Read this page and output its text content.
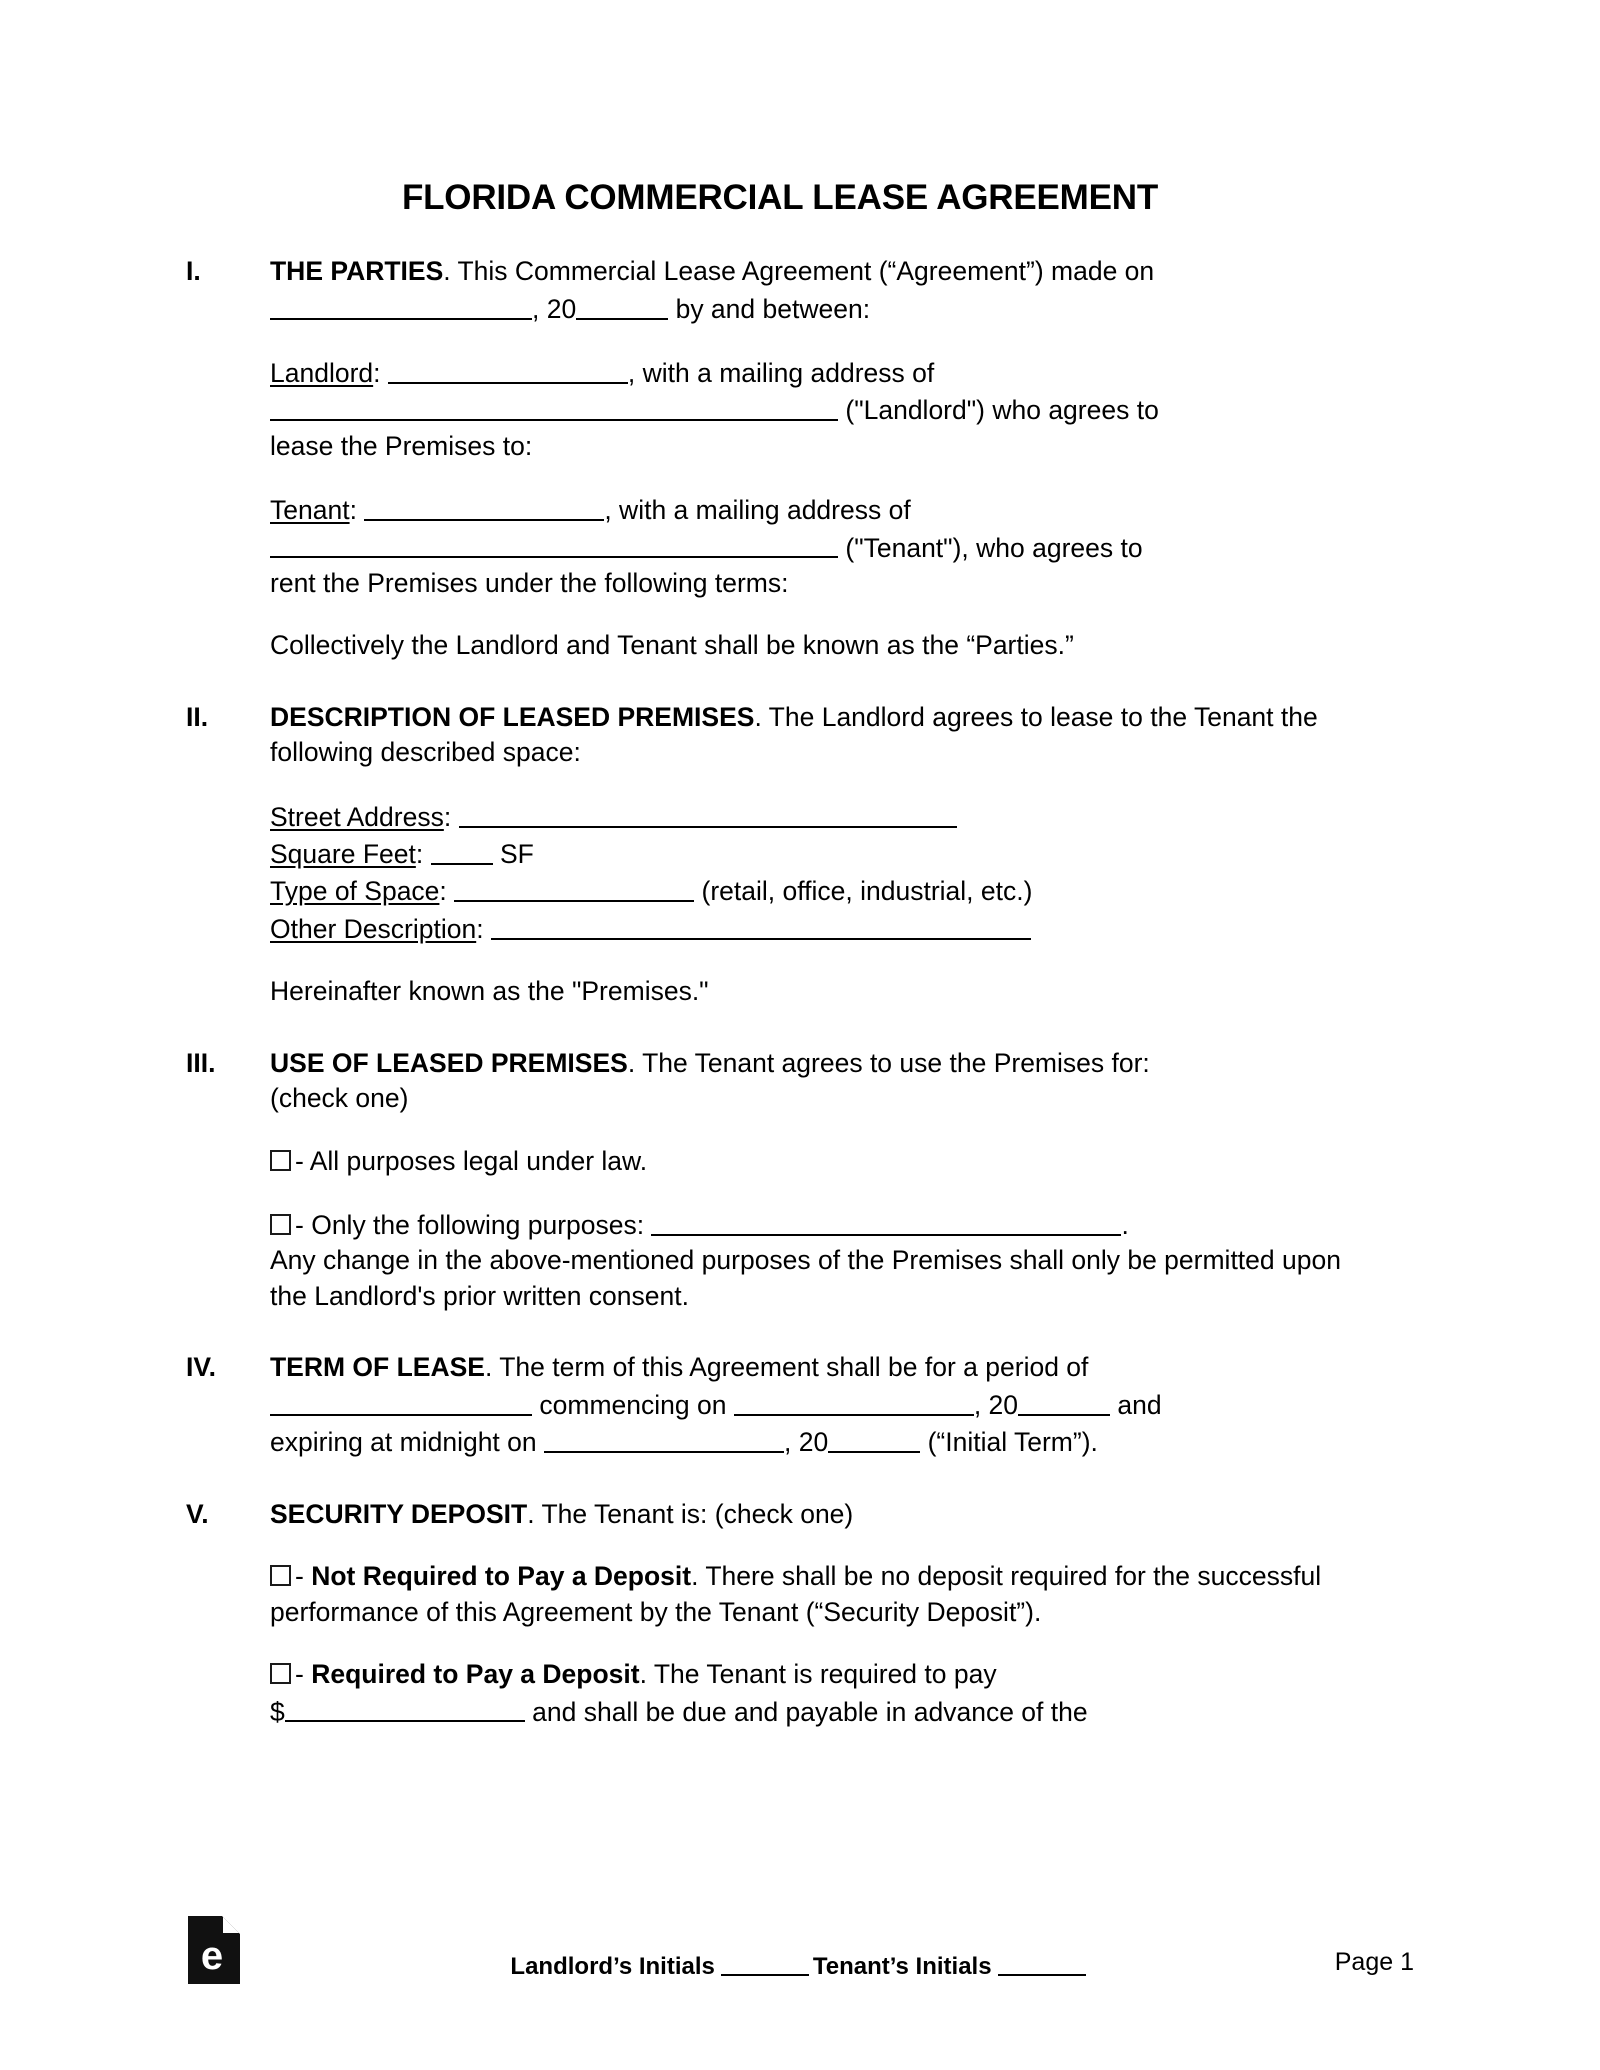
FLORIDA COMMERCIAL LEASE AGREEMENT
I.	THE PARTIES. This Commercial Lease Agreement (“Agreement”) made on
, 20	by and between:

Landlord:	, with a mailing address of
("Landlord") who agrees to
lease the Premises to:

Tenant:	, with a mailing address of
("Tenant"), who agrees to
rent the Premises under the following terms:

Collectively the Landlord and Tenant shall be known as the “Parties.”

II.	DESCRIPTION OF LEASED PREMISES. The Landlord agrees to lease to the Tenant the following described space:

Street Address:
Square Feet:	SF
Type of Space:	(retail, office, industrial, etc.)
Other Description:

Hereinafter known as the "Premises."

III.	USE OF LEASED PREMISES. The Tenant agrees to use the Premises for:
(check one)

- All purposes legal under law.

- Only the following purposes:	.
Any change in the above-mentioned purposes of the Premises shall only be permitted upon the Landlord's prior written consent.

IV.	TERM OF LEASE. The term of this Agreement shall be for a period of
commencing on	, 20	and
expiring at midnight on	, 20	(“Initial Term”).

V.	SECURITY DEPOSIT. The Tenant is: (check one)

- Not Required to Pay a Deposit. There shall be no deposit required for the successful performance of this Agreement by the Tenant (“Security Deposit”).

- Required to Pay a Deposit. The Tenant is required to pay
$	and shall be due and payable in advance of the

e	Landlord’s Initials	Tenant’s Initials	Page 1
